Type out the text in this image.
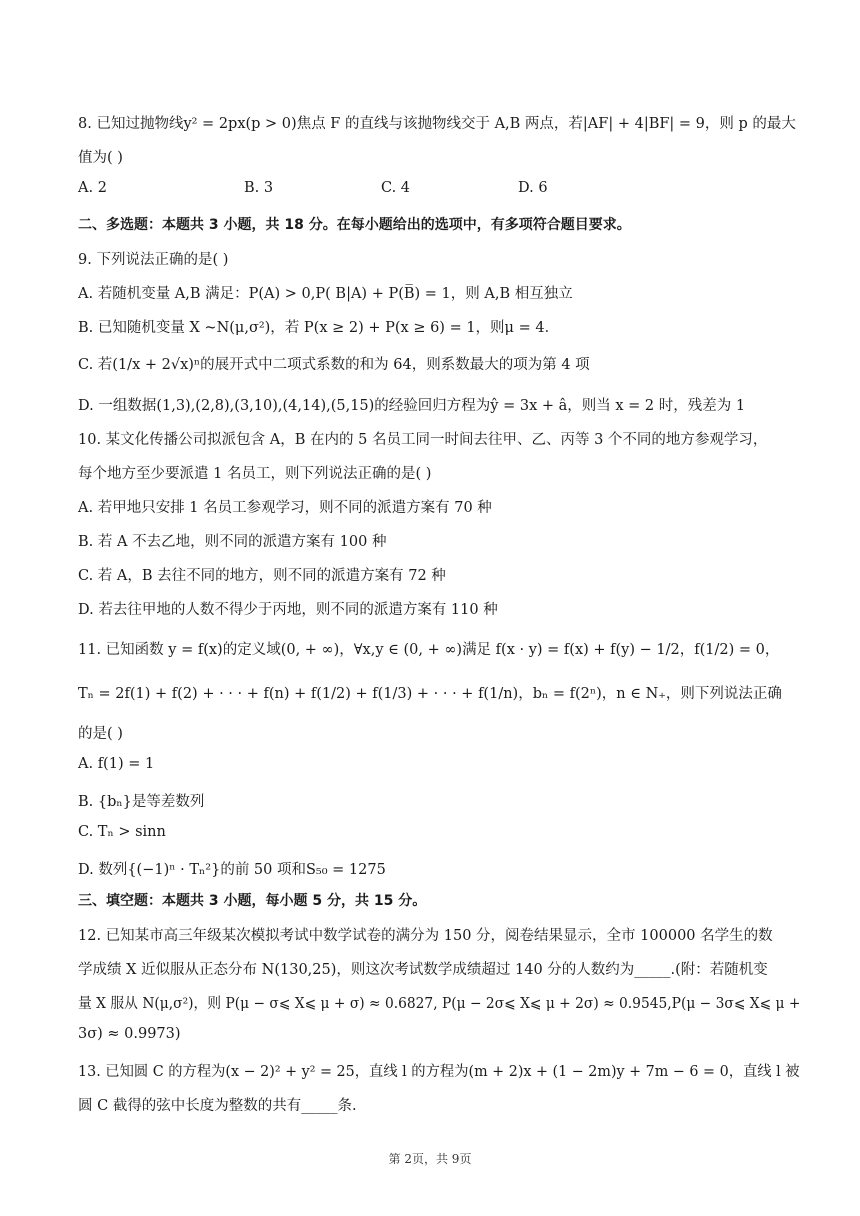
8. 已知过抛物线y² = 2px(p > 0)焦点 F 的直线与该抛物线交于 A,B 两点，若|AF| + 4|BF| = 9，则 p 的最大
值为( )
A. 2	B. 3	C. 4	D. 6
二、多选题：本题共 3 小题，共 18 分。在每小题给出的选项中，有多项符合题目要求。
9. 下列说法正确的是( )
A. 若随机变量 A,B 满足：P(A) > 0,P( B|A) + P(B̅) = 1，则 A,B 相互独立
B. 已知随机变量 X ~N(μ,σ²)，若 P(x ≥ 2) + P(x ≥ 6) = 1，则μ = 4．
C. 若(1/x + 2√x)ⁿ的展开式中二项式系数的和为 64，则系数最大的项为第 4 项
D. 一组数据(1,3),(2,8),(3,10),(4,14),(5,15)的经验回归方程为ŷ = 3x + â，则当 x = 2 时，残差为 1
10. 某文化传播公司拟派包含 A，B 在内的 5 名员工同一时间去往甲、乙、丙等 3 个不同的地方参观学习，
每个地方至少要派遣 1 名员工，则下列说法正确的是( )
A. 若甲地只安排 1 名员工参观学习，则不同的派遣方案有 70 种
B. 若 A 不去乙地，则不同的派遣方案有 100 种
C. 若 A，B 去往不同的地方，则不同的派遣方案有 72 种
D. 若去往甲地的人数不得少于丙地，则不同的派遣方案有 110 种
11. 已知函数 y = f(x)的定义域(0, + ∞)，∀x,y ∈ (0, + ∞)满足 f(x · y) = f(x) + f(y) − 1/2，f(1/2) = 0，
Tₙ = 2f(1) + f(2) + · · · + f(n) + f(1/2) + f(1/3) + · · · + f(1/n)，bₙ = f(2ⁿ)，n ∈ N₊，则下列说法正确
的是( )
A. f(1) = 1
B. {bₙ}是等差数列
C. Tₙ > sinn
D. 数列{(−1)ⁿ · Tₙ²}的前 50 项和S₅₀ = 1275
三、填空题：本题共 3 小题，每小题 5 分，共 15 分。
12. 已知某市高三年级某次模拟考试中数学试卷的满分为 150 分，阅卷结果显示，全市 100000 名学生的数
学成绩 X 近似服从正态分布 N(130,25)，则这次考试数学成绩超过 140 分的人数约为_____.(附：若随机变
量 X 服从 N(μ,σ²)，则 P(μ − σ⩽ X⩽ μ + σ) ≈ 0.6827, P(μ − 2σ⩽ X⩽ μ + 2σ) ≈ 0.9545,P(μ − 3σ⩽ X⩽ μ +
3σ) ≈ 0.9973)
13. 已知圆 C 的方程为(x − 2)² + y² = 25，直线 l 的方程为(m + 2)x + (1 − 2m)y + 7m − 6 = 0，直线 l 被
圆 C 截得的弦中长度为整数的共有_____条.
第 2页，共 9页
